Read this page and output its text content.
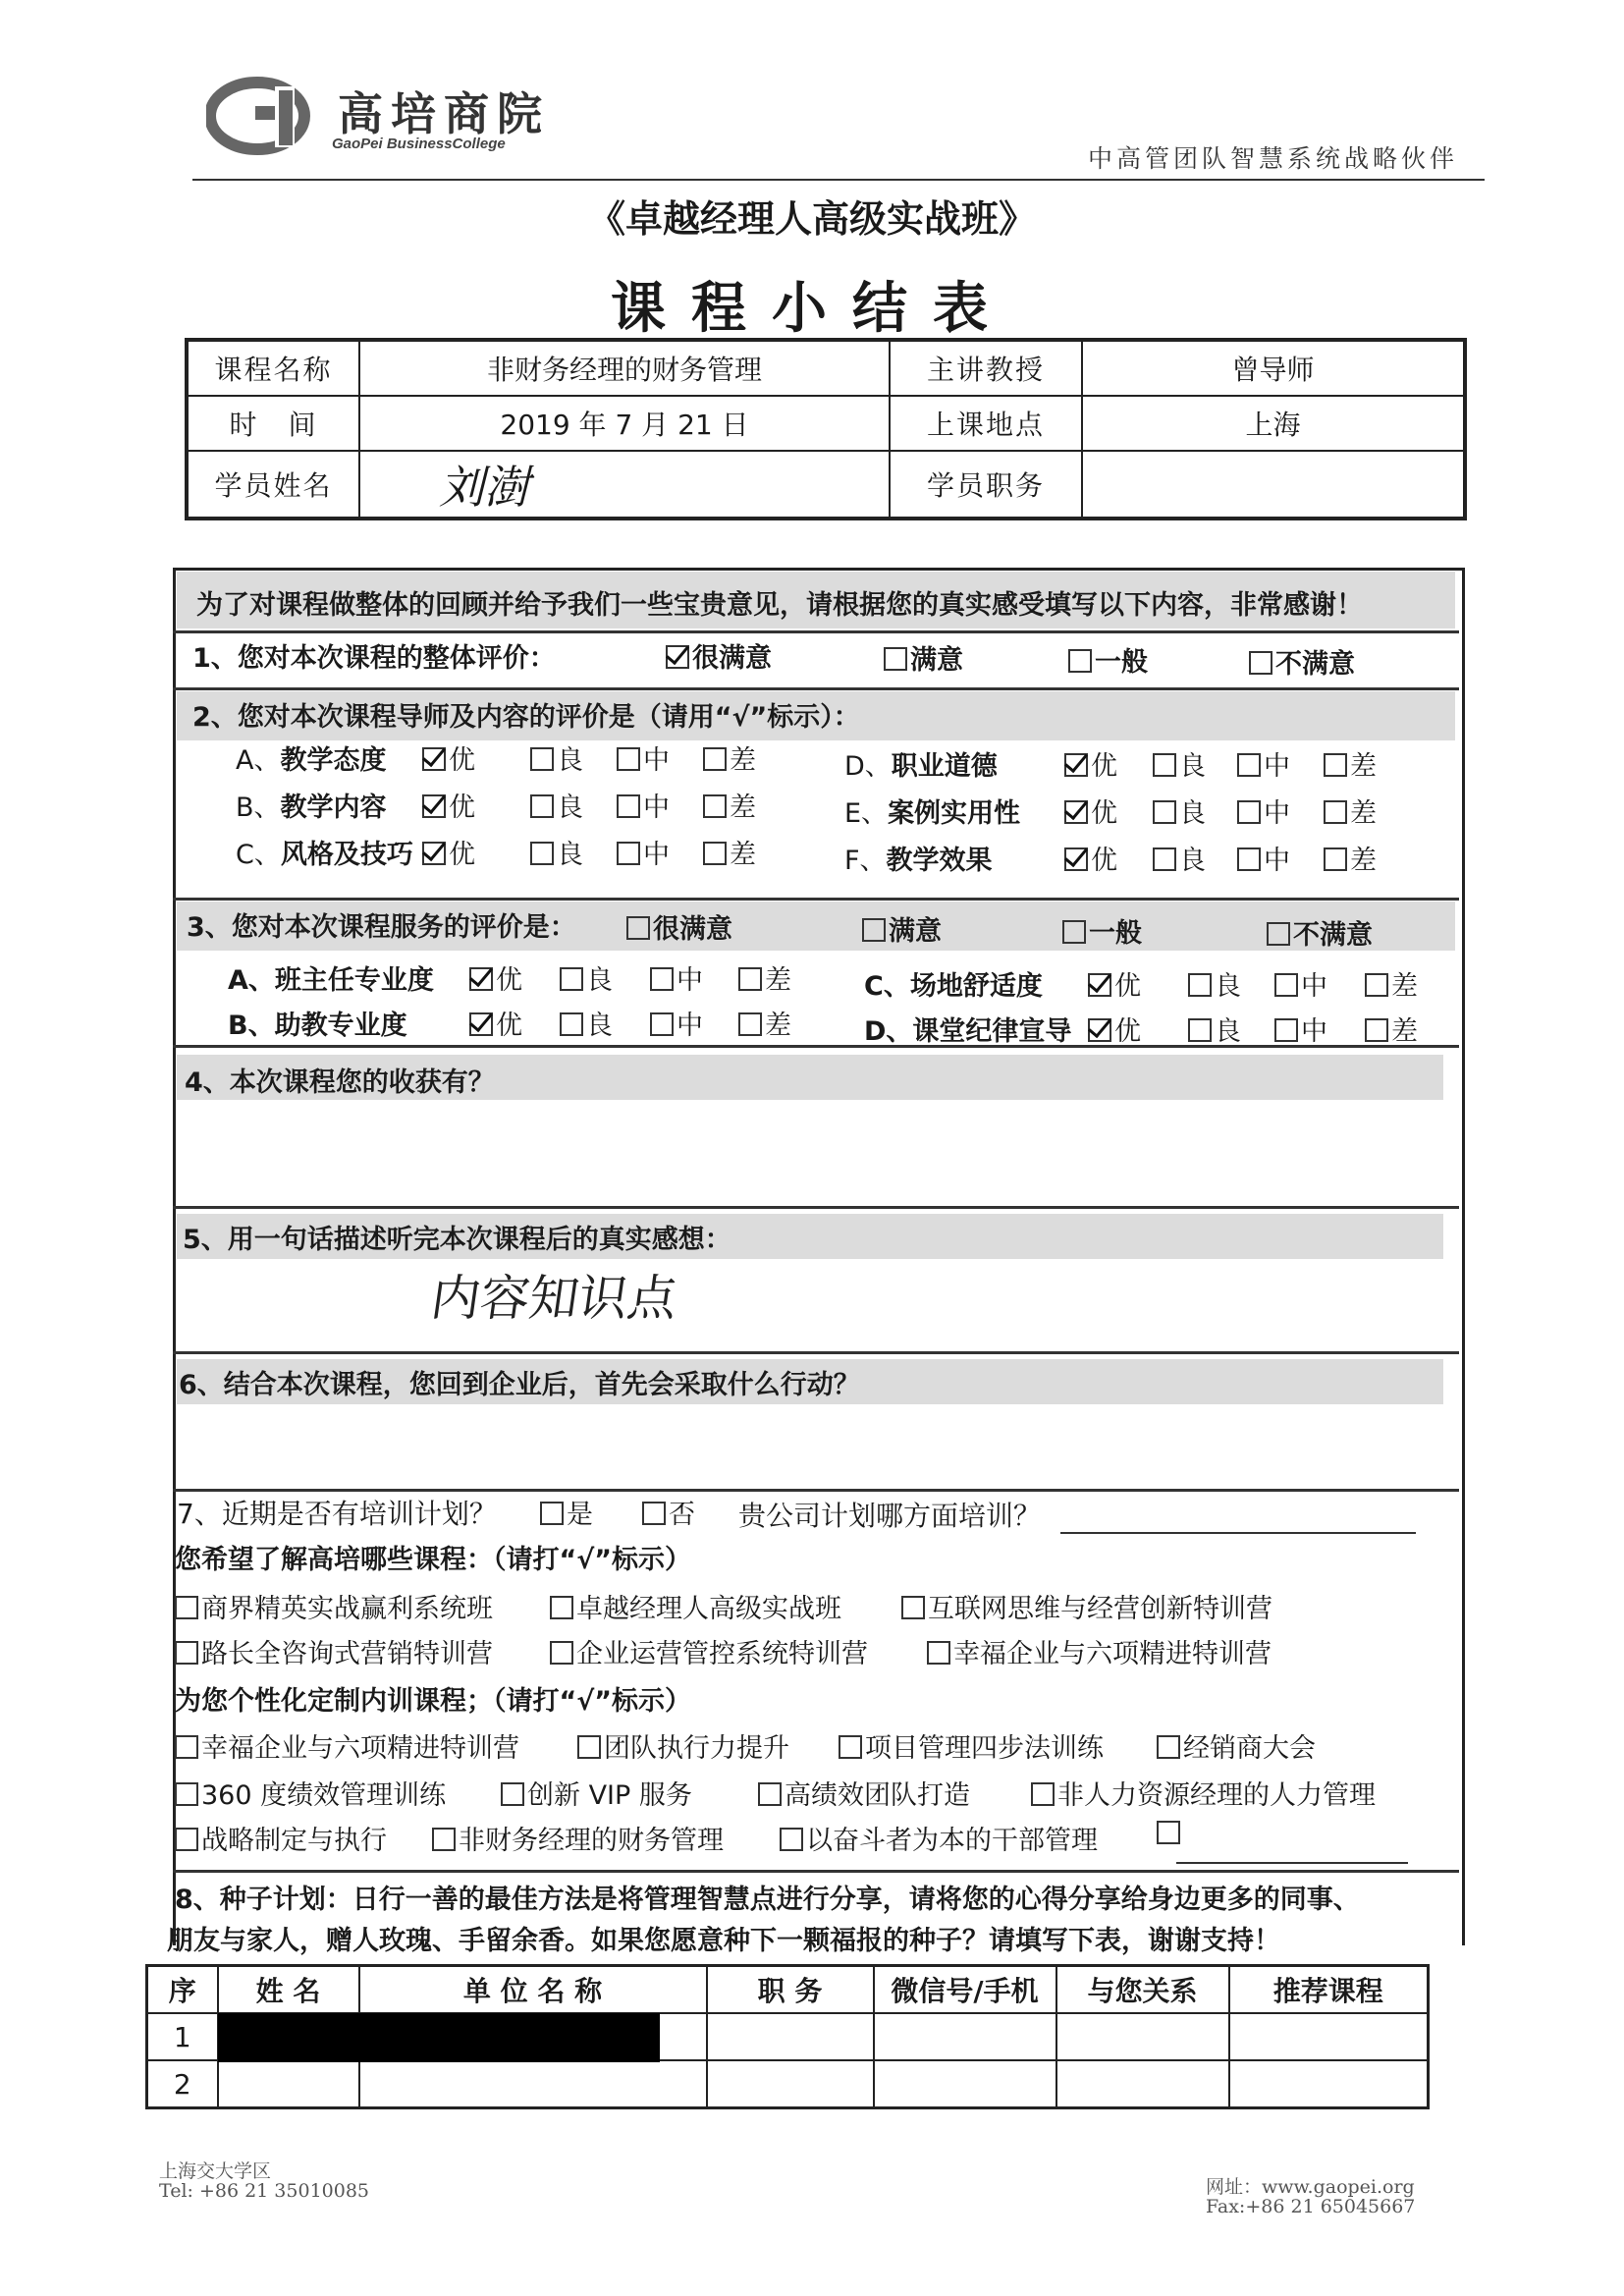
高培商院
GaoPei BusinessCollege
中高管团队智慧系统战略伙伴
《卓越经理人高级实战班》
课程小结表
课程名称	非财务经理的财务管理	主讲教授	曾导师
时　间	2019 年 7 月 21 日	上课地点	上海
学员姓名	刘澍	学员职务	
为了对课程做整体的回顾并给予我们一些宝贵意见，请根据您的真实感受填写以下内容，非常感谢！
1、您对本次课程的整体评价：	很满意	满意	一般	不满意
2、您对本次课程导师及内容的评价是（请用“√”标示）：
3、您对本次课程服务的评价是：	很满意	满意	一般	不满意
4、本次课程您的收获有？
5、用一句话描述听完本次课程后的真实感想：
内容知识点
6、结合本次课程，您回到企业后，首先会采取什么行动？
7、近期是否有培训计划？	是	否 贵公司计划哪方面培训？
您希望了解高培哪些课程：（请打“√”标示）
为您个性化定制内训课程；（请打“√”标示）
8、种子计划：日行一善的最佳方法是将管理智慧点进行分享，请将您的心得分享给身边更多的同事、
朋友与家人，赠人玫瑰、手留余香。如果您愿意种下一颗福报的种子？请填写下表，谢谢支持！
序	姓 名	单 位 名 称	职 务	微信号/手机	与您关系	推荐课程
1						
2						
上海交大学区
Tel: +86 21 35010085	网址：www.gaopei.org
Fax:+86 21 65045667
A、教学态度	优	良	中	差
B、教学内容	优	良	中	差
C、风格及技巧	优	良	中	差
D、职业道德	优	良	中	差
E、案例实用性	优	良	中	差
F、教学效果	优	良	中	差
A、班主任专业度	优	良	中	差
B、助教专业度	优	良	中	差
C、场地舒适度	优	良	中	差
D、课堂纪律宣导	优	良	中	差
商界精英实战赢利系统班	卓越经理人高级实战班	互联网思维与经营创新特训营
路长全咨询式营销特训营	企业运营管控系统特训营	幸福企业与六项精进特训营
幸福企业与六项精进特训营	团队执行力提升	项目管理四步法训练	经销商大会
360 度绩效管理训练	创新 VIP 服务	高绩效团队打造	非人力资源经理的人力管理
战略制定与执行	非财务经理的财务管理	以奋斗者为本的干部管理
